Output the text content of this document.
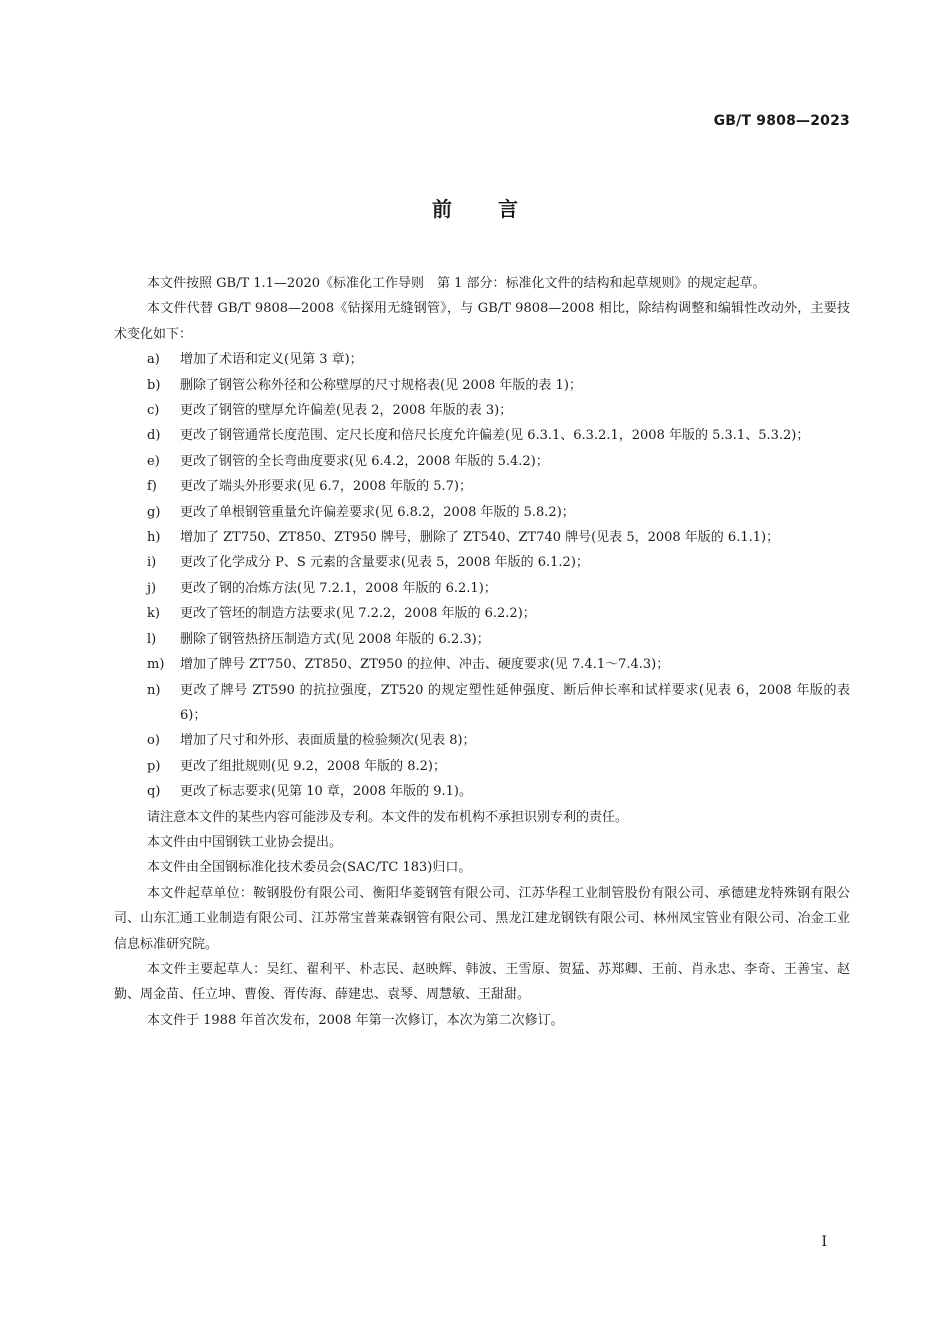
GB/T 9808—2023
前 言

本文件按照 GB/T 1.1—2020《标准化工作导则　第 1 部分：标准化文件的结构和起草规则》的规定起草。

本文件代替 GB/T 9808—2008《钻探用无缝钢管》，与 GB/T 9808—2008 相比，除结构调整和编辑性改动外，主要技术变化如下：

a) 增加了术语和定义(见第 3 章)；

b) 删除了钢管公称外径和公称壁厚的尺寸规格表(见 2008 年版的表 1)；

c) 更改了钢管的壁厚允许偏差(见表 2，2008 年版的表 3)；

d) 更改了钢管通常长度范围、定尺长度和倍尺长度允许偏差(见 6.3.1、6.3.2.1，2008 年版的 5.3.1、5.3.2)；

e) 更改了钢管的全长弯曲度要求(见 6.4.2，2008 年版的 5.4.2)；

f) 更改了端头外形要求(见 6.7，2008 年版的 5.7)；

g) 更改了单根钢管重量允许偏差要求(见 6.8.2，2008 年版的 5.8.2)；

h) 增加了 ZT750、ZT850、ZT950 牌号，删除了 ZT540、ZT740 牌号(见表 5，2008 年版的 6.1.1)；

i) 更改了化学成分 P、S 元素的含量要求(见表 5，2008 年版的 6.1.2)；

j) 更改了钢的冶炼方法(见 7.2.1，2008 年版的 6.2.1)；

k) 更改了管坯的制造方法要求(见 7.2.2，2008 年版的 6.2.2)；

l) 删除了钢管热挤压制造方式(见 2008 年版的 6.2.3)；

m) 增加了牌号 ZT750、ZT850、ZT950 的拉伸、冲击、硬度要求(见 7.4.1～7.4.3)；

n) 更改了牌号 ZT590 的抗拉强度，ZT520 的规定塑性延伸强度、断后伸长率和试样要求(见表 6，2008 年版的表 6)；

o) 增加了尺寸和外形、表面质量的检验频次(见表 8)；

p) 更改了组批规则(见 9.2，2008 年版的 8.2)；

q) 更改了标志要求(见第 10 章，2008 年版的 9.1)。

请注意本文件的某些内容可能涉及专利。本文件的发布机构不承担识别专利的责任。

本文件由中国钢铁工业协会提出。

本文件由全国钢标准化技术委员会(SAC/TC 183)归口。

本文件起草单位：鞍钢股份有限公司、衡阳华菱钢管有限公司、江苏华程工业制管股份有限公司、承德建龙特殊钢有限公司、山东汇通工业制造有限公司、江苏常宝普莱森钢管有限公司、黑龙江建龙钢铁有限公司、林州凤宝管业有限公司、冶金工业信息标准研究院。

本文件主要起草人：吴红、翟利平、朴志民、赵映辉、韩波、王雪原、贺猛、苏郑卿、王前、肖永忠、李奇、王善宝、赵勤、周金苗、任立坤、曹俊、胥传海、薛建忠、袁琴、周慧敏、王甜甜。

本文件于 1988 年首次发布，2008 年第一次修订，本次为第二次修订。

I
